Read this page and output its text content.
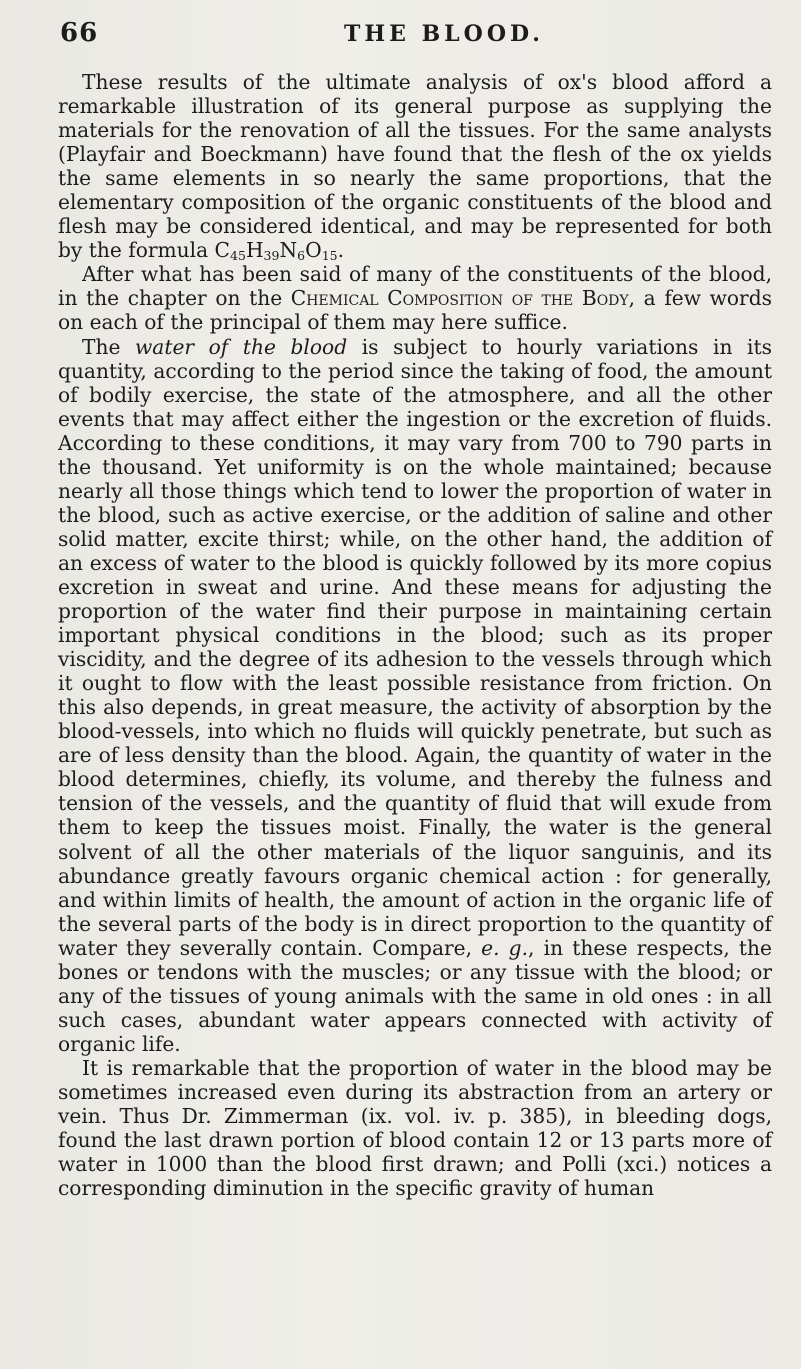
66	THE BLOOD.

These results of the ultimate analysis of ox's blood afford a remarkable illustration of its general purpose as supplying the materials for the renovation of all the tissues. For the same analysts (Playfair and Boeckmann) have found that the flesh of the ox yields the same elements in so nearly the same proportions, that the elementary composition of the organic constituents of the blood and flesh may be considered identical, and may be represented for both by the formula $C_{45}H_{39}N_6O_{15}$.

After what has been said of many of the constituents of the blood, in the chapter on the Chemical Composition of the Body, a few words on each of the principal of them may here suffice.

The water of the blood is subject to hourly variations in its quantity, according to the period since the taking of food, the amount of bodily exercise, the state of the atmosphere, and all the other events that may affect either the ingestion or the excretion of fluids. According to these conditions, it may vary from 700 to 790 parts in the thousand. Yet uniformity is on the whole maintained; because nearly all those things which tend to lower the proportion of water in the blood, such as active exercise, or the addition of saline and other solid matter, excite thirst; while, on the other hand, the addition of an excess of water to the blood is quickly followed by its more copius excretion in sweat and urine. And these means for adjusting the proportion of the water find their purpose in maintaining certain important physical conditions in the blood; such as its proper viscidity, and the degree of its adhesion to the vessels through which it ought to flow with the least possible resistance from friction. On this also depends, in great measure, the activity of absorption by the blood-vessels, into which no fluids will quickly penetrate, but such as are of less density than the blood. Again, the quantity of water in the blood determines, chiefly, its volume, and thereby the fulness and tension of the vessels, and the quantity of fluid that will exude from them to keep the tissues moist. Finally, the water is the general solvent of all the other materials of the liquor sanguinis, and its abundance greatly favours organic chemical action : for generally, and within limits of health, the amount of action in the organic life of the several parts of the body is in direct proportion to the quantity of water they severally contain. Compare, e. g., in these respects, the bones or tendons with the muscles; or any tissue with the blood; or any of the tissues of young animals with the same in old ones : in all such cases, abundant water appears connected with activity of organic life.

It is remarkable that the proportion of water in the blood may be sometimes increased even during its abstraction from an artery or vein. Thus Dr. Zimmerman (ix. vol. iv. p. 385), in bleeding dogs, found the last drawn portion of blood contain 12 or 13 parts more of water in 1000 than the blood first drawn; and Polli (xci.) notices a corresponding diminution in the specific gravity of human
